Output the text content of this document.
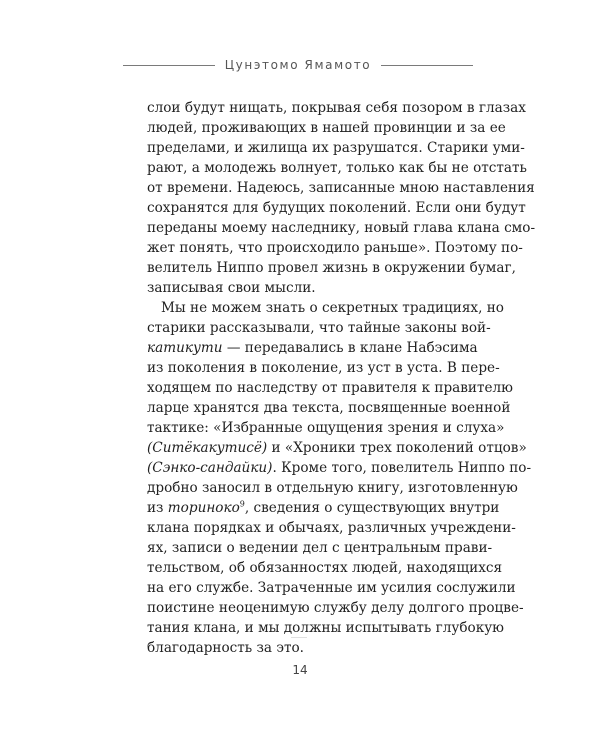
Цунэтомо Ямамото

слои будут нищать, покрывая себя позором в глазах
людей, проживающих в нашей провинции и за ее
пределами, и жилища их разрушатся. Старики уми-
рают, а молодежь волнует, только как бы не отстать
от времени. Надеюсь, записанные мною наставления
сохранятся для будущих поколений. Если они будут
переданы моему наследнику, новый глава клана смо-
жет понять, что происходило раньше». Поэтому по-
велитель Ниппо провел жизнь в окружении бумаг,
записывая свои мысли.

Мы не можем знать о секретных традициях, но
старики рассказывали, что тайные законы вой-
катикути — передавались в клане Набэсима
из поколения в поколение, из уст в уста. В пере-
ходящем по наследству от правителя к правителю
ларце хранятся два текста, посвященные военной
тактике: «Избранные ощущения зрения и слуха»
(Ситёкакутисё) и «Хроники трех поколений отцов»
(Сэнко-сандайки). Кроме того, повелитель Ниппо по-
дробно заносил в отдельную книгу, изготовленную
из ториноко$^9$, сведения о существующих внутри
клана порядках и обычаях, различных учреждени-
ях, записи о ведении дел с центральным прави-
тельством, об обязанностях людей, находящихся
на его службе. Затраченные им усилия сослужили
поистине неоценимую службу делу долгого процве-
тания клана, и мы должны испытывать глубокую
благодарность за это.

14
